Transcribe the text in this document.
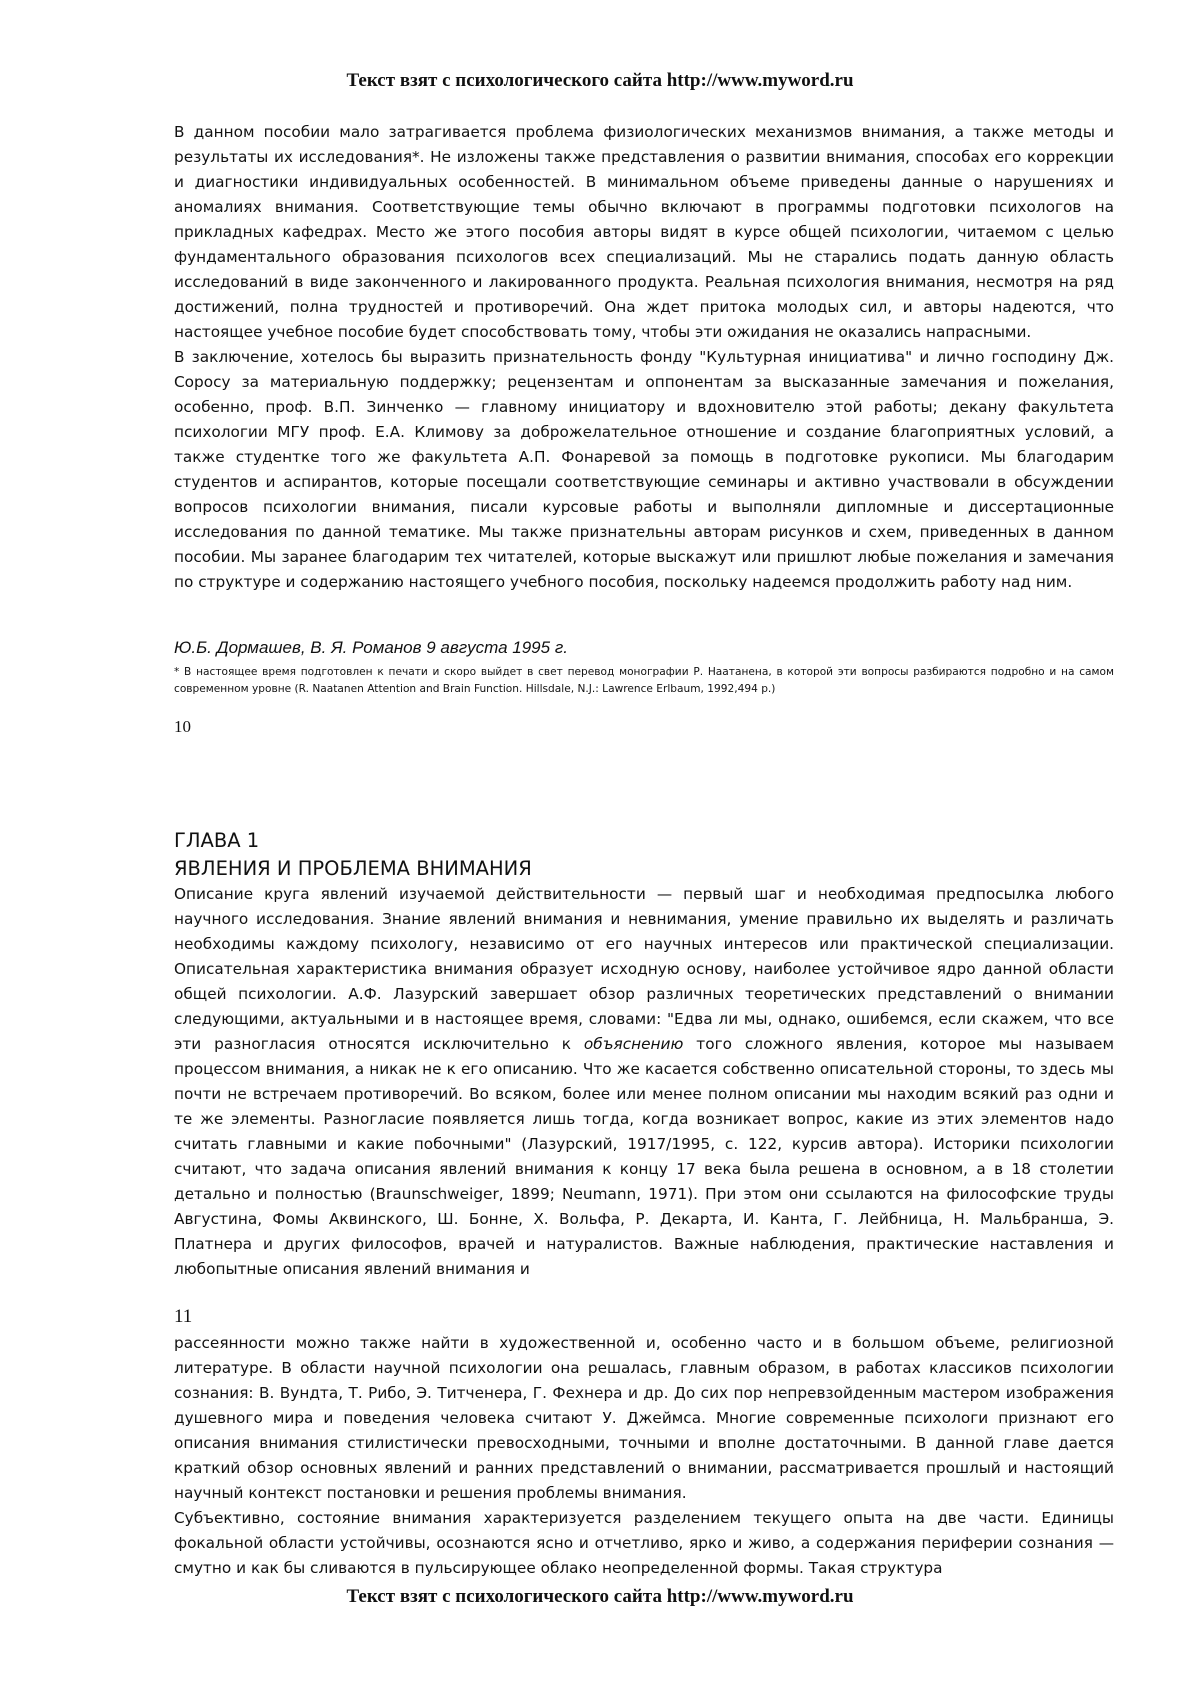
Текст взят с психологического сайта http://www.myword.ru

В данном пособии мало затрагивается проблема физиологических механизмов внимания, а также методы и результаты их исследования*. Не изложены также представления о развитии внимания, способах его коррекции и диагностики индивидуальных особенностей. В минимальном объеме приведены данные о нарушениях и аномалиях внимания. Соответствующие темы обычно включают в программы подготовки психологов на прикладных кафедрах. Место же этого пособия авторы видят в курсе общей психологии, читаемом с целью фундаментального образования психологов всех специализаций. Мы не старались подать данную область исследований в виде законченного и лакированного продукта. Реальная психология внимания, несмотря на ряд достижений, полна трудностей и противоречий. Она ждет притока молодых сил, и авторы надеются, что настоящее учебное пособие будет способствовать тому, чтобы эти ожидания не оказались напрасными.

В заключение, хотелось бы выразить признательность фонду "Культурная инициатива" и лично господину Дж. Соросу за материальную поддержку; рецензентам и оппонентам за высказанные замечания и пожелания, особенно, проф. В.П. Зинченко — главному инициатору и вдохновителю этой работы; декану факультета психологии МГУ проф. Е.А. Климову за доброжелательное отношение и создание благоприятных условий, а также студентке того же факультета А.П. Фонаревой за помощь в подготовке рукописи. Мы благодарим студентов и аспирантов, которые посещали соответствующие семинары и активно участвовали в обсуждении вопросов психологии внимания, писали курсовые работы и выполняли дипломные и диссертационные исследования по данной тематике. Мы также признательны авторам рисунков и схем, приведенных в данном пособии. Мы заранее благодарим тех читателей, которые выскажут или пришлют любые пожелания и замечания по структуре и содержанию настоящего учебного пособия, поскольку надеемся продолжить работу над ним.

Ю.Б. Дормашев, В. Я. Романов 9 августа 1995 г.
* В настоящее время подготовлен к печати и скоро выйдет в свет перевод монографии Р. Наатанена, в которой эти вопросы разбираются подробно и на самом современном уровне (R. Naatanen Attention and Brain Function. Hillsdale, N.J.: Lawrence Erlbaum, 1992,494 p.)
10
ГЛАВА 1
ЯВЛЕНИЯ И ПРОБЛЕМА ВНИМАНИЯ

Описание круга явлений изучаемой действительности — первый шаг и необходимая предпосылка любого научного исследования. Знание явлений внимания и невнимания, умение правильно их выделять и различать необходимы каждому психологу, независимо от его научных интересов или практической специализации. Описательная характеристика внимания образует исходную основу, наиболее устойчивое ядро данной области общей психологии. А.Ф. Лазурский завершает обзор различных теоретических представлений о внимании следующими, актуальными и в настоящее время, словами: "Едва ли мы, однако, ошибемся, если скажем, что все эти разногласия относятся исключительно к объяснению того сложного явления, которое мы называем процессом внимания, а никак не к его описанию. Что же касается собственно описательной стороны, то здесь мы почти не встречаем противоречий. Во всяком, более или менее полном описании мы находим всякий раз одни и те же элементы. Разногласие появляется лишь тогда, когда возникает вопрос, какие из этих элементов надо считать главными и какие побочными" (Лазурский, 1917/1995, с. 122, курсив автора). Историки психологии считают, что задача описания явлений внимания к концу 17 века была решена в основном, а в 18 столетии детально и полностью (Braunschweiger, 1899; Neumann, 1971). При этом они ссылаются на философские труды Августина, Фомы Аквинского, Ш. Бонне, Х. Вольфа, Р. Декарта, И. Канта, Г. Лейбница, Н. Мальбранша, Э. Платнера и других философов, врачей и натуралистов. Важные наблюдения, практические наставления и любопытные описания явлений внимания и

11

рассеянности можно также найти в художественной и, особенно часто и в большом объеме, религиозной литературе. В области научной психологии она решалась, главным образом, в работах классиков психологии сознания: В. Вундта, Т. Рибо, Э. Титченера, Г. Фехнера и др. До сих пор непревзойденным мастером изображения душевного мира и поведения человека считают У. Джеймса. Многие современные психологи признают его описания внимания стилистически превосходными, точными и вполне достаточными. В данной главе дается краткий обзор основных явлений и ранних представлений о внимании, рассматривается прошлый и настоящий научный контекст постановки и решения проблемы внимания.

Субъективно, состояние внимания характеризуется разделением текущего опыта на две части. Единицы фокальной области устойчивы, осознаются ясно и отчетливо, ярко и живо, а содержания периферии сознания — смутно и как бы сливаются в пульсирующее облако неопределенной формы. Такая структура

Текст взят с психологического сайта http://www.myword.ru
